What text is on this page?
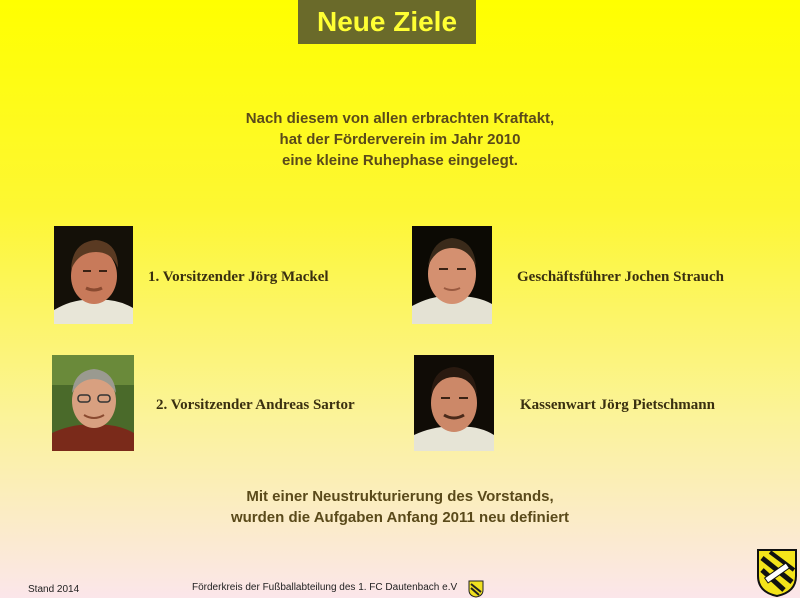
Neue Ziele
Nach diesem von allen erbrachten Kraftakt,
hat der Förderverein im Jahr 2010
eine kleine Ruhephase eingelegt.
1. Vorsitzender Jörg Mackel	Geschäftsführer Jochen Strauch
2. Vorsitzender Andreas Sartor	Kassenwart Jörg Pietschmann
Mit einer Neustrukturierung des Vorstands,
wurden die Aufgaben Anfang 2011 neu definiert
Stand 2014	Förderkreis der Fußballabteilung des 1. FC Dautenbach e.V
